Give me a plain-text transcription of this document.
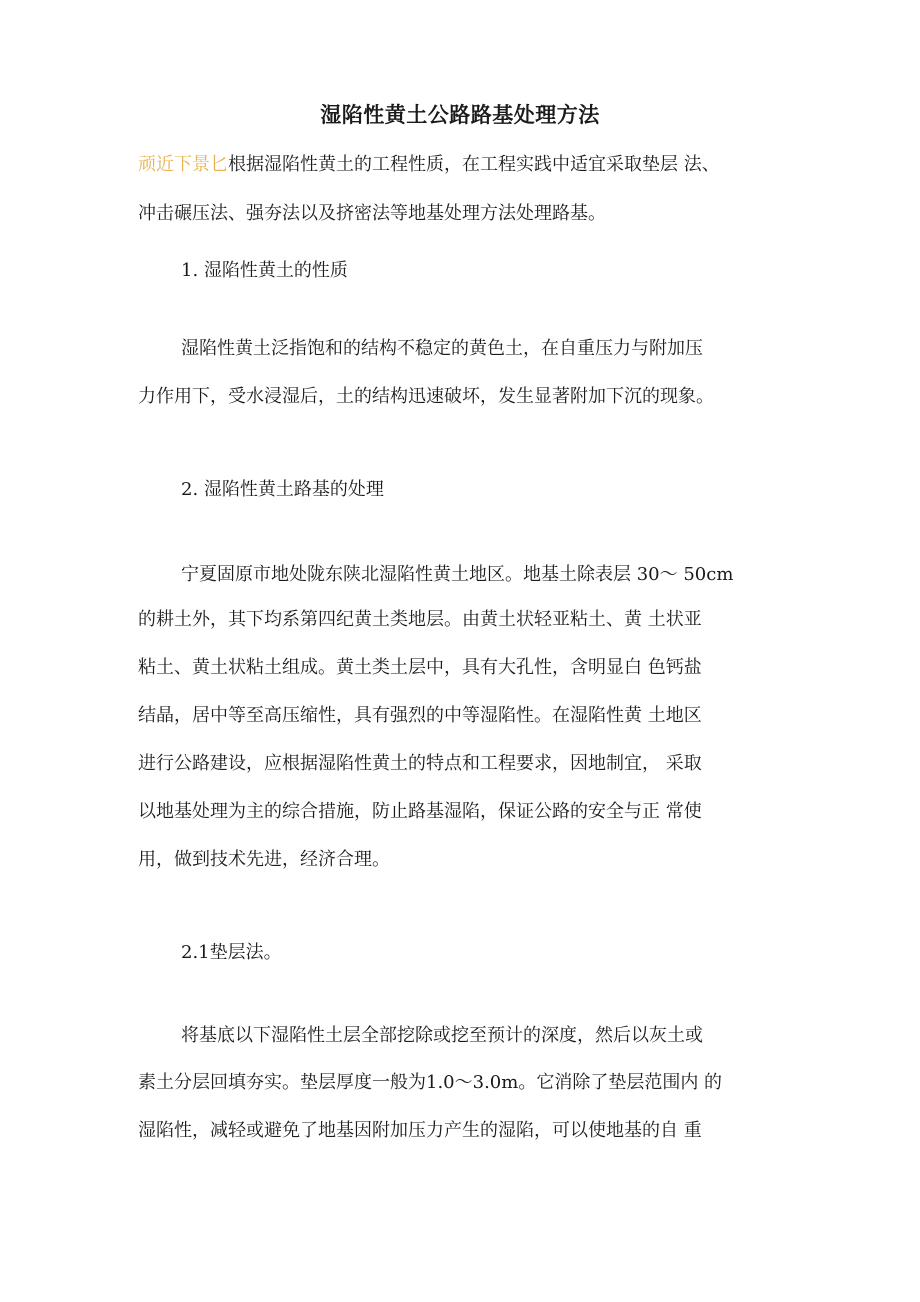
湿陷性黄土公路路基处理方法
顽近下景匕根据湿陷性黄土的工程性质，在工程实践中适宜采取垫层 法、
冲击碾压法、强夯法以及挤密法等地基处理方法处理路基。
1. 湿陷性黄土的性质
湿陷性黄土泛指饱和的结构不稳定的黄色土，在自重压力与附加压
力作用下，受水浸湿后，土的结构迅速破坏，发生显著附加下沉的现象。
2. 湿陷性黄土路基的处理
宁夏固原市地处陇东陕北湿陷性黄土地区。地基土除表层 30〜 50cm
的耕土外，其下均系第四纪黄土类地层。由黄土状轻亚粘土、黄 土状亚
粘土、黄土状粘土组成。黄土类土层中，具有大孔性，含明显白 色钙盐
结晶，居中等至高压缩性，具有强烈的中等湿陷性。在湿陷性黄 土地区
进行公路建设，应根据湿陷性黄土的特点和工程要求，因地制宜， 采取
以地基处理为主的综合措施，防止路基湿陷，保证公路的安全与正 常使
用，做到技术先进，经济合理。
2.1垫层法。
将基底以下湿陷性土层全部挖除或挖至预计的深度，然后以灰土或
素土分层回填夯实。垫层厚度一般为1.0〜3.0m。它消除了垫层范围内 的
湿陷性，减轻或避免了地基因附加压力产生的湿陷，可以使地基的自 重
